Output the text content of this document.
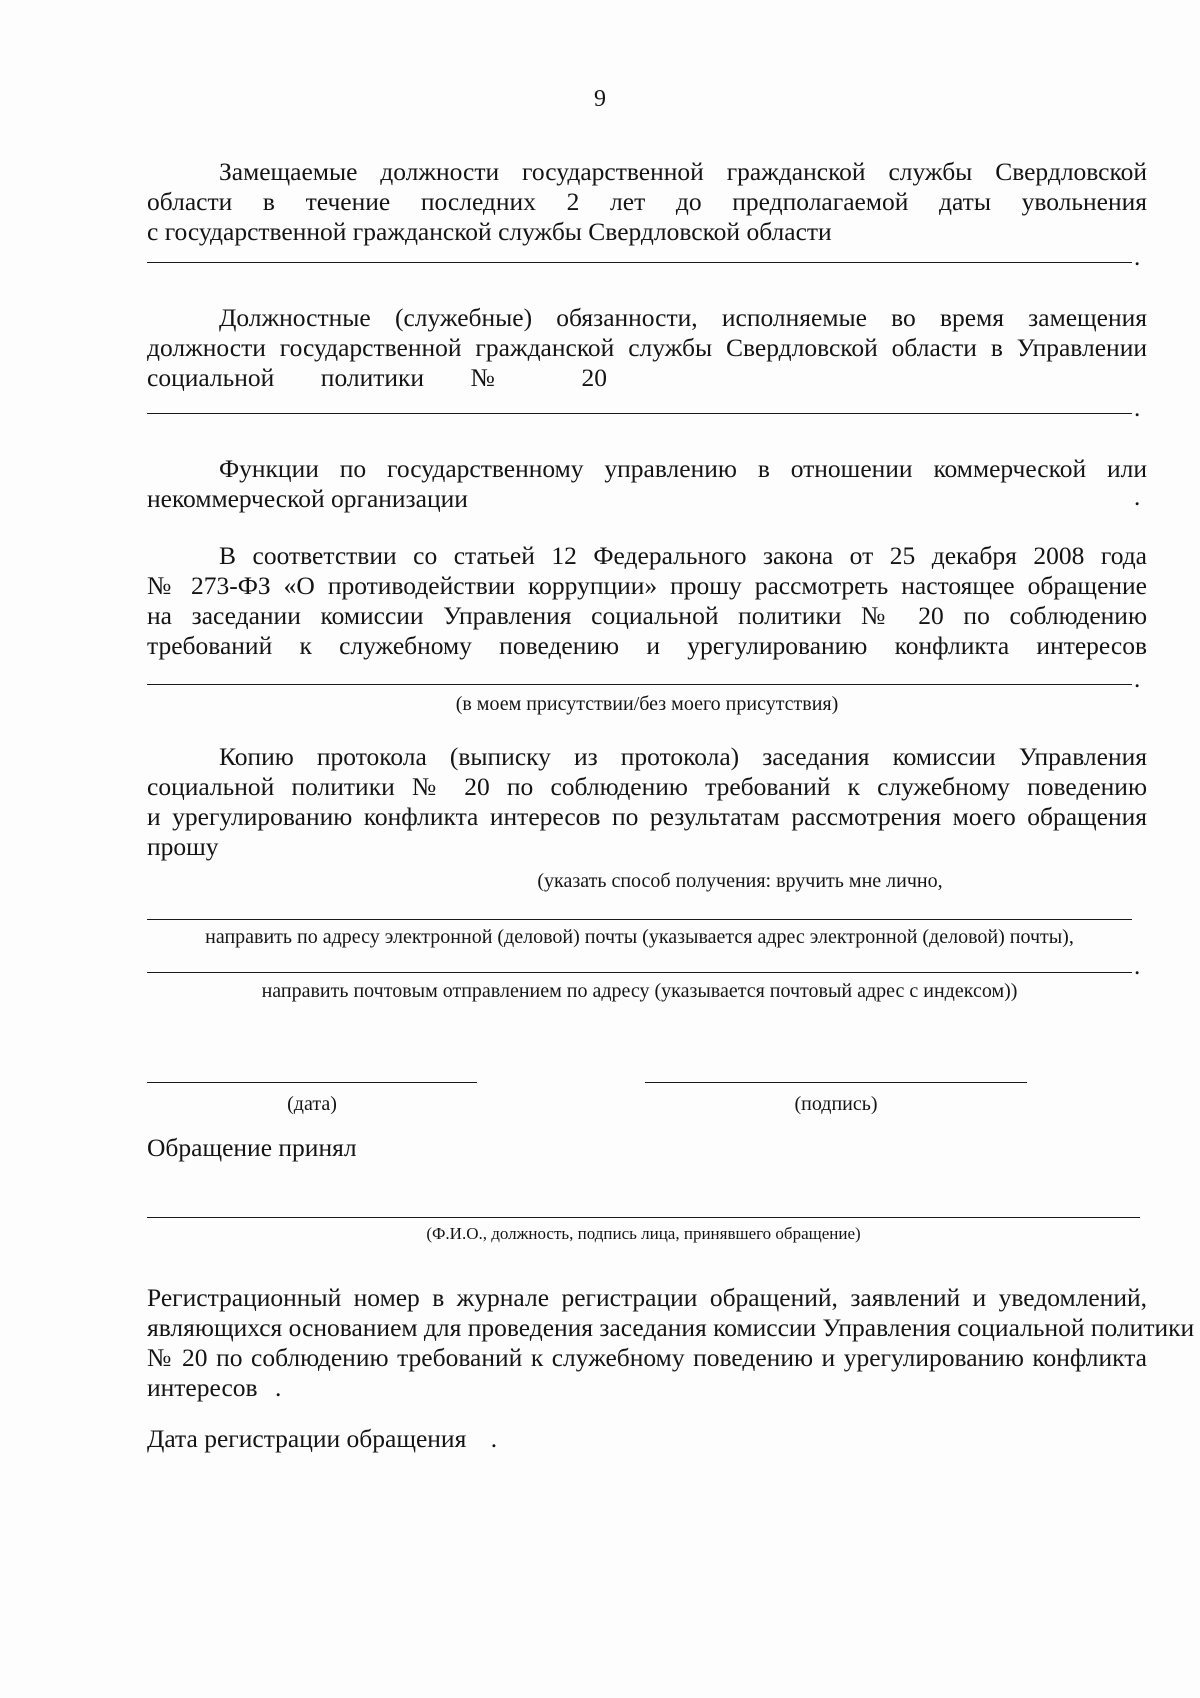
9
Замещаемые должности государственной гражданской службы Свердловской
области в течение последних 2 лет до предполагаемой даты увольнения
с государственной гражданской службы Свердловской области
.
Должностные (служебные) обязанности, исполняемые во время замещения
должности государственной гражданской службы Свердловской области в Управлении
социальной политики № 20
.
Функции по государственному управлению в отношении коммерческой или
некоммерческой организации	.
В соответствии со статьей 12 Федерального закона от 25 декабря 2008 года
№ 273-ФЗ «О противодействии коррупции» прошу рассмотреть настоящее обращение
на заседании комиссии Управления социальной политики № 20 по соблюдению
требований к служебному поведению и урегулированию конфликта интересов
.
(в моем присутствии/без моего присутствия)
Копию протокола (выписку из протокола) заседания комиссии Управления
социальной политики № 20 по соблюдению требований к служебному поведению
и урегулированию конфликта интересов по результатам рассмотрения моего обращения
прошу
(указать способ получения: вручить мне лично,
направить по адресу электронной (деловой) почты (указывается адрес электронной (деловой) почты),
.
направить почтовым отправлением по адресу (указывается почтовый адрес с индексом))
(дата)	(подпись)
Обращение принял
(Ф.И.О., должность, подпись лица, принявшего обращение)
Регистрационный номер в журнале регистрации обращений, заявлений и уведомлений,
являющихся основанием для проведения заседания комиссии Управления социальной политики
№ 20 по соблюдению требований к служебному поведению и урегулированию конфликта
интересов .
Дата регистрации обращения .
